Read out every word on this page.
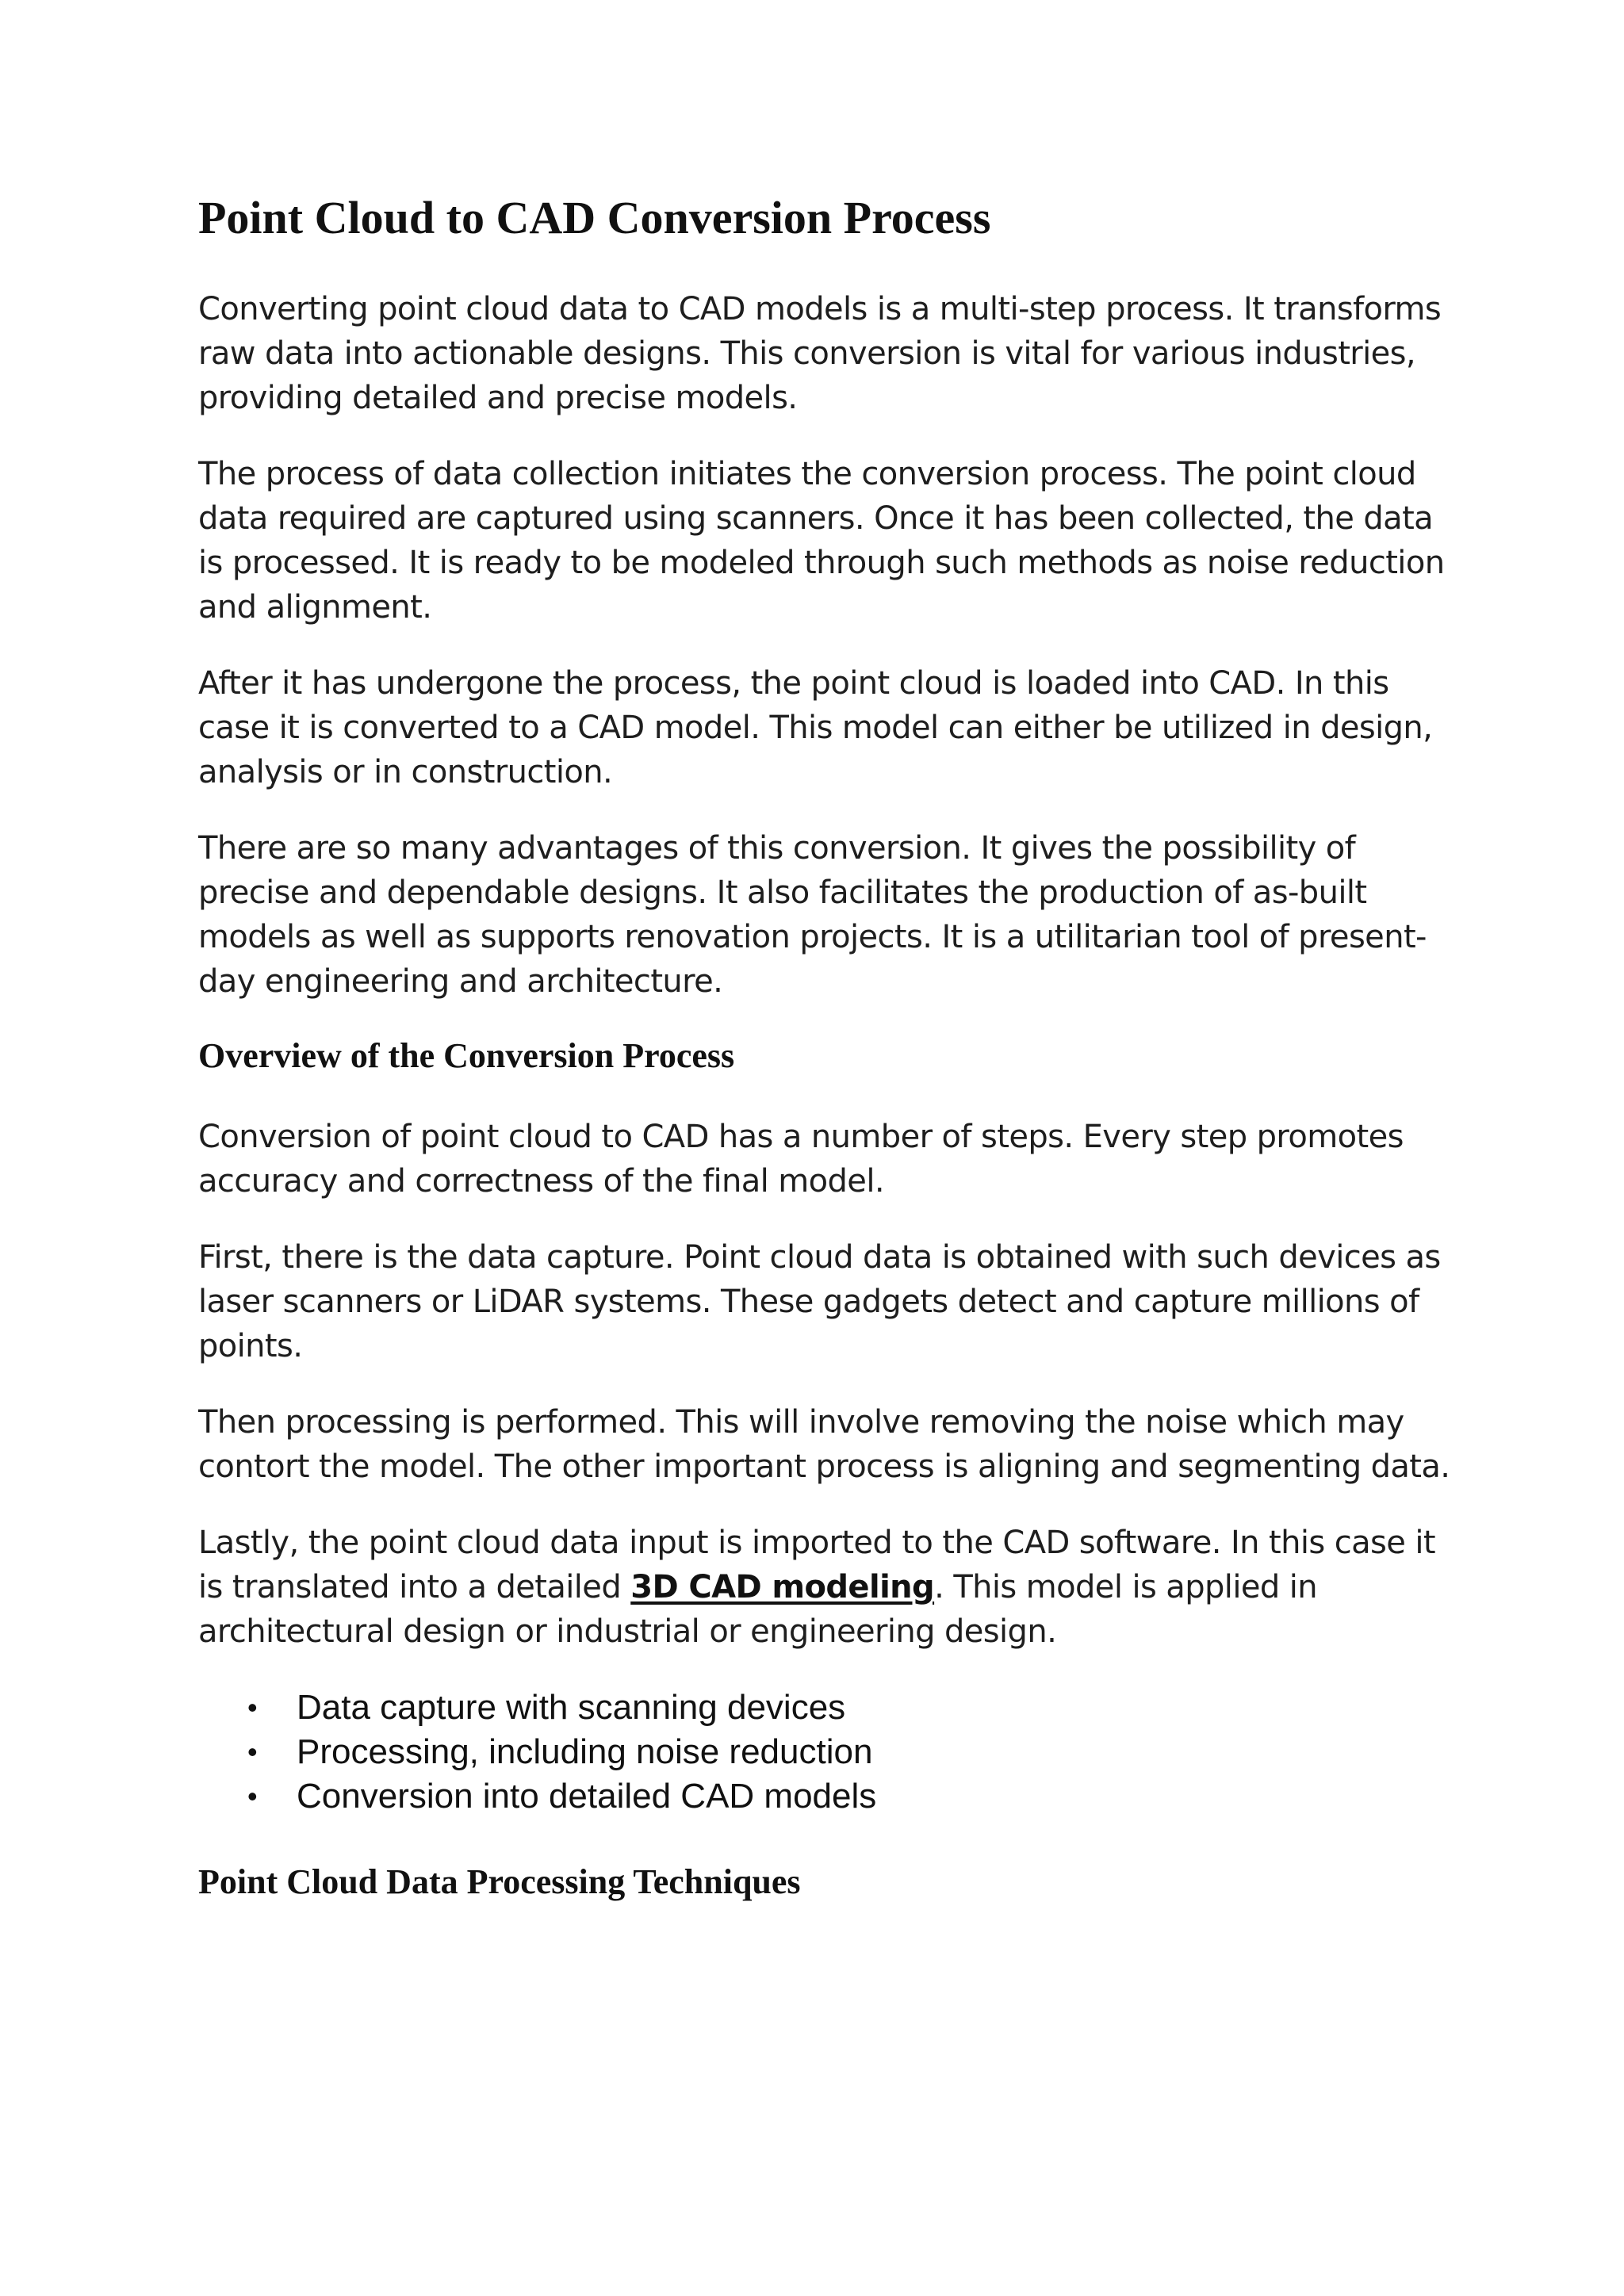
Point Cloud to CAD Conversion Process

Converting point cloud data to CAD models is a multi-step process. It transforms raw data into actionable designs. This conversion is vital for various industries, providing detailed and precise models.

The process of data collection initiates the conversion process. The point cloud data required are captured using scanners. Once it has been collected, the data is processed. It is ready to be modeled through such methods as noise reduction and alignment.

After it has undergone the process, the point cloud is loaded into CAD. In this case it is converted to a CAD model. This model can either be utilized in design, analysis or in construction.

There are so many advantages of this conversion. It gives the possibility of precise and dependable designs. It also facilitates the production of as-built models as well as supports renovation projects. It is a utilitarian tool of present-day engineering and architecture.

Overview of the Conversion Process

Conversion of point cloud to CAD has a number of steps. Every step promotes accuracy and correctness of the final model.

First, there is the data capture. Point cloud data is obtained with such devices as laser scanners or LiDAR systems. These gadgets detect and capture millions of points.

Then processing is performed. This will involve removing the noise which may contort the model. The other important process is aligning and segmenting data.

Lastly, the point cloud data input is imported to the CAD software. In this case it is translated into a detailed 3D CAD modeling. This model is applied in architectural design or industrial or engineering design.

• Data capture with scanning devices
• Processing, including noise reduction
• Conversion into detailed CAD models
Point Cloud Data Processing Techniques
